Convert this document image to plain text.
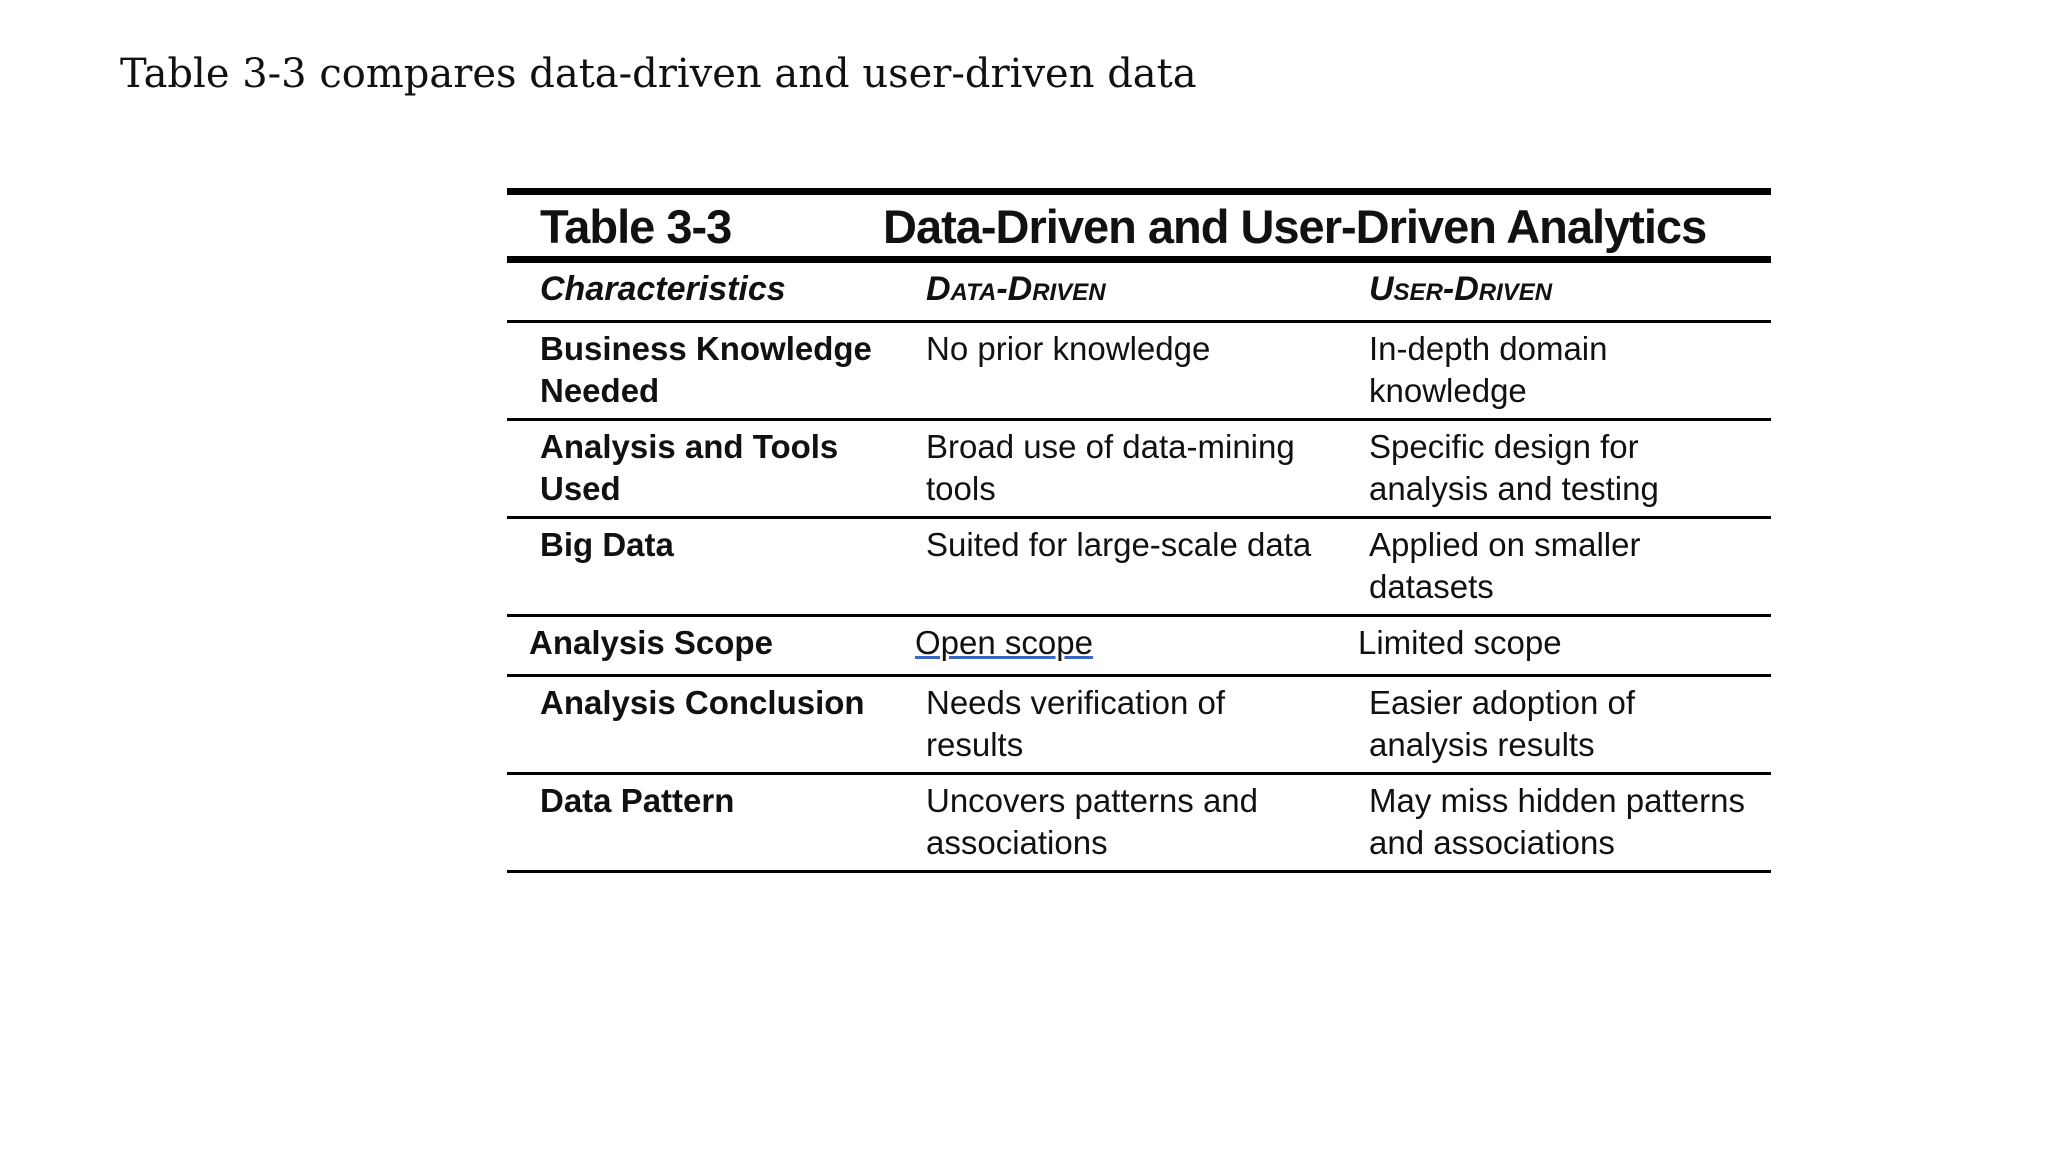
Table 3-3 compares data-driven and user-driven data
Table 3-3	Data-Driven and User-Driven Analytics
Characteristics	Data-Driven	User-Driven
Business Knowledge Needed	No prior knowledge	In-depth domain knowledge
Analysis and Tools Used	Broad use of data-mining tools	Specific design for analysis and testing
Big Data	Suited for large-scale data	Applied on smaller datasets
Analysis Scope	Open scope	Limited scope
Analysis Conclusion	Needs verification of results	Easier adoption of analysis results
Data Pattern	Uncovers patterns and associations	May miss hidden patterns and associations
